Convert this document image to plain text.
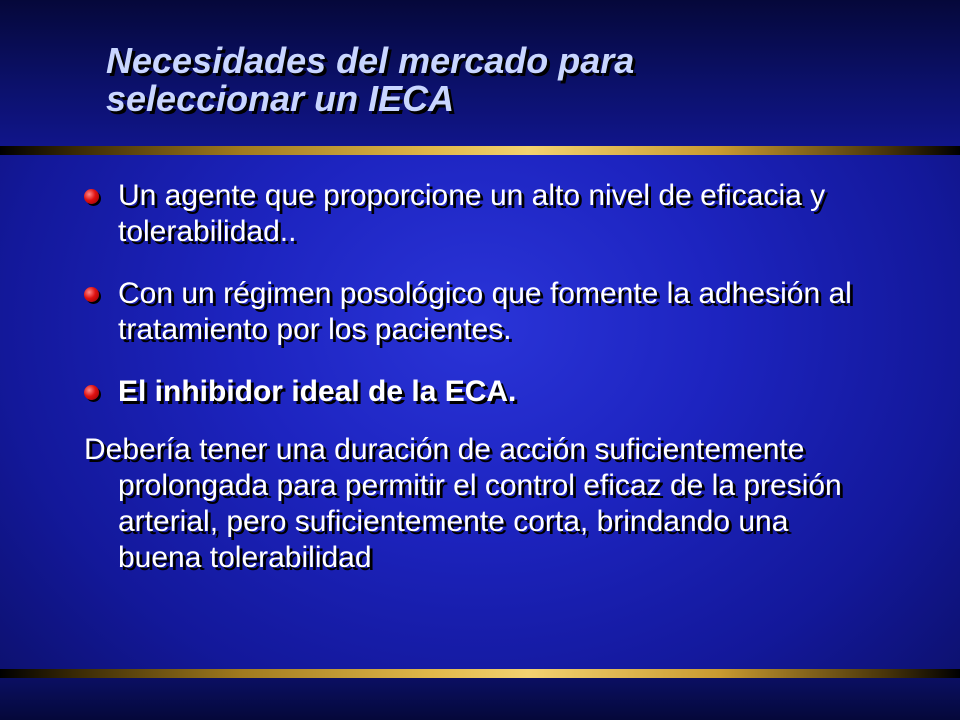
Necesidades del mercado para
seleccionar un IECA
Un agente que proporcione un alto nivel de eficacia y tolerabilidad..
Con un régimen posológico que fomente la adhesión al tratamiento por los pacientes.
El inhibidor ideal de la ECA.

Debería tener una duración de acción suficientemente prolongada para permitir el control eficaz de la presión arterial, pero suficientemente corta, brindando una buena tolerabilidad
